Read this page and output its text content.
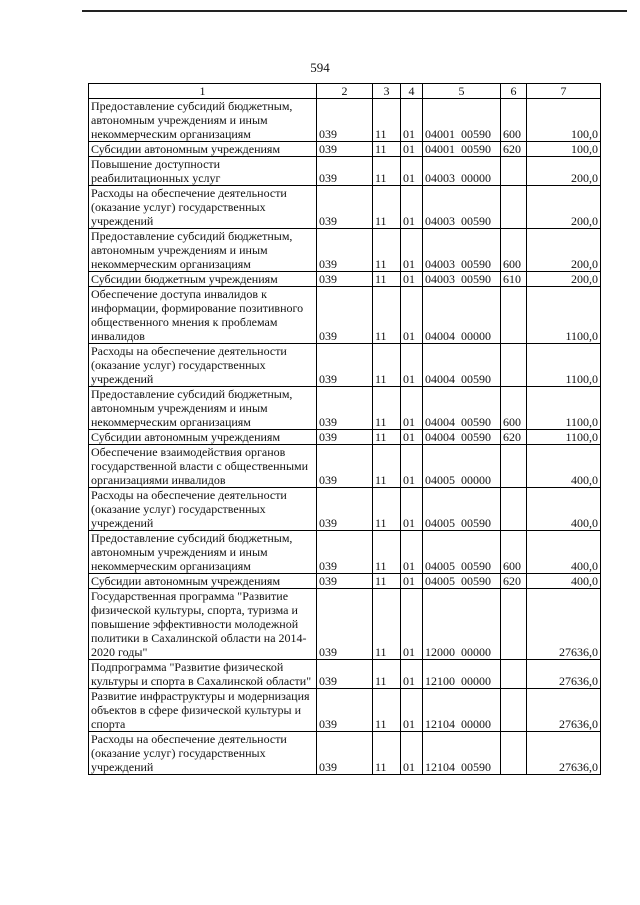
594
1	2	3	4	5	6	7
Предоставление субсидий бюджетным, автономным учреждениям и иным некоммерческим организациям	039	11	01	04001  00590	600	100,0
Субсидии автономным учреждениям	039	11	01	04001  00590	620	100,0
Повышение доступности реабилитационных услуг	039	11	01	04003  00000		200,0
Расходы на обеспечение деятельности (оказание услуг) государственных учреждений	039	11	01	04003  00590		200,0
Предоставление субсидий бюджетным, автономным учреждениям и иным некоммерческим организациям	039	11	01	04003  00590	600	200,0
Субсидии бюджетным учреждениям	039	11	01	04003  00590	610	200,0
Обеспечение доступа инвалидов к информации, формирование позитивного общественного мнения к проблемам инвалидов	039	11	01	04004  00000		1100,0
Расходы на обеспечение деятельности (оказание услуг) государственных учреждений	039	11	01	04004  00590		1100,0
Предоставление субсидий бюджетным, автономным учреждениям и иным некоммерческим организациям	039	11	01	04004  00590	600	1100,0
Субсидии автономным учреждениям	039	11	01	04004  00590	620	1100,0
Обеспечение взаимодействия органов государственной власти с общественными организациями инвалидов	039	11	01	04005  00000		400,0
Расходы на обеспечение деятельности (оказание услуг) государственных учреждений	039	11	01	04005  00590		400,0
Предоставление субсидий бюджетным, автономным учреждениям и иным некоммерческим организациям	039	11	01	04005  00590	600	400,0
Субсидии автономным учреждениям	039	11	01	04005  00590	620	400,0
Государственная программа "Развитие физической культуры, спорта, туризма и повышение эффективности молодежной политики в Сахалинской области на 2014-2020 годы"	039	11	01	12000  00000		27636,0
Подпрограмма "Развитие физической культуры и спорта в Сахалинской области"	039	11	01	12100  00000		27636,0
Развитие инфраструктуры и модернизация объектов в сфере физической культуры и спорта	039	11	01	12104  00000		27636,0
Расходы на обеспечение деятельности (оказание услуг) государственных учреждений	039	11	01	12104  00590		27636,0
